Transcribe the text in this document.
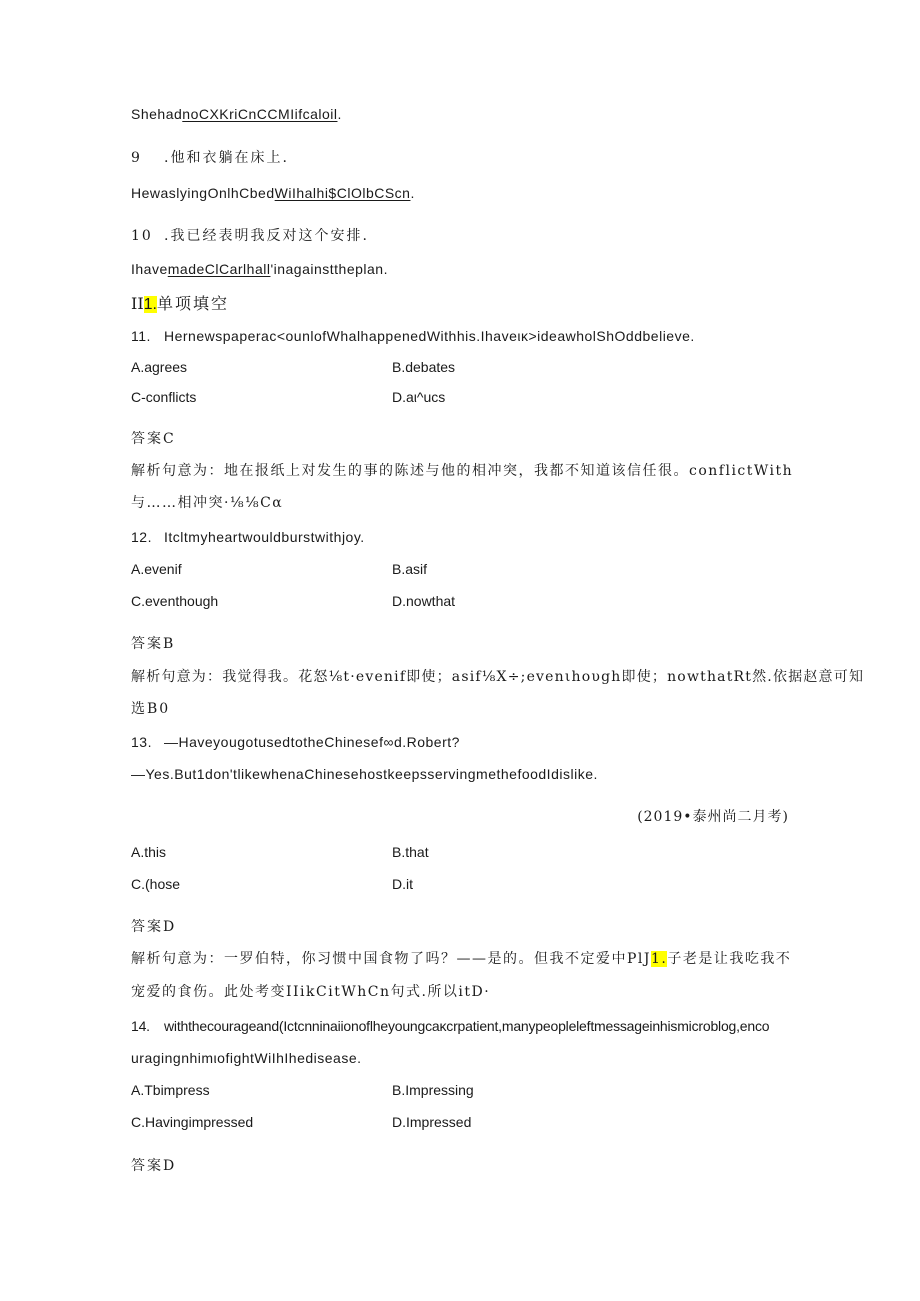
ShehadnoCXKriCnCCMIifcaloil.
9 .他和衣躺在床上.
HewaslyingOnlhCbedWiIhalhi$ClOlbCScn.
10 .我已经表明我反对这个安排.
IhavemadeClCarlhall'inagainsttheplan.
II1.单项填空
11. Hernewspaperac<ounlofWhalhappenedWithhis.Ihaveικ>ideawholShOddbelieve.
A.agrees	B.debates
C-conflicts	D.aι^ucs
答案C
解析句意为：地在报纸上对发生的事的陈述与他的相冲突，我都不知道该信任很。conflictWith
与……相冲突·⅛⅛Cα
12. Itcltmyheartwouldburstwithjoy.
A.evenif	B.asif
C.eventhough	D.nowthat
答案B
解析句意为：我觉得我。花怒⅛t·evenif即使；asif⅛X÷;evenιhoυgh即使；nowthatRt然.依据赵意可知
选B0
13. —HaveyougotusedtotheChinesef∞d.Robert?
—Yes.But1don'tlikewhenaChinesehostkeepsservingmethefoodIdislike.
(2019•泰州尚二月考)
A.this	B.that
C.(hose	D.it
答案D
解析句意为：一罗伯特，你习惯中国食物了吗？——是的。但我不定爱中PlJ1.子老是让我吃我不
宠爱的食伤。此处考变IIikCitWhCn句式.所以itD·
14. withthecourageand(Ictcnninaiionoflheyoungcaκcrpatient,manypeopleleftmessageinhismicroblog,enco
uragingnhimιofightWiIhIhedisease.
A.Tbimpress	B.Impressing
C.Havingimpressed	D.Impressed
答案D
